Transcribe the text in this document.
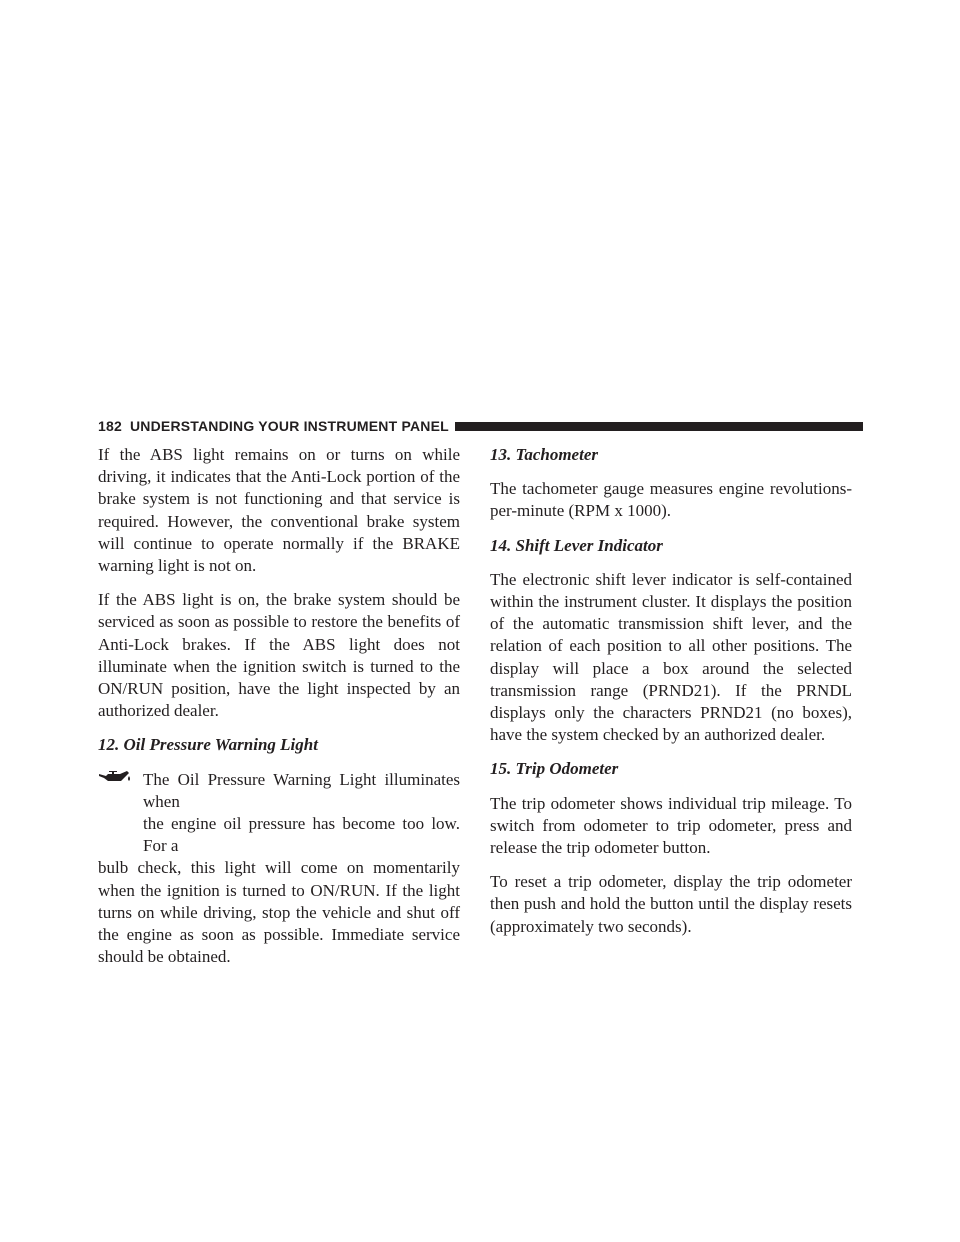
182 UNDERSTANDING YOUR INSTRUMENT PANEL

If the ABS light remains on or turns on while driving, it indicates that the Anti-Lock portion of the brake system is not functioning and that service is required. However, the conventional brake system will continue to operate normally if the BRAKE warning light is not on.

If the ABS light is on, the brake system should be serviced as soon as possible to restore the benefits of Anti-Lock brakes. If the ABS light does not illuminate when the ignition switch is turned to the ON/RUN position, have the light inspected by an authorized dealer.

12. Oil Pressure Warning Light

The Oil Pressure Warning Light illuminates when
the engine oil pressure has become too low. For a
bulb check, this light will come on momentarily when the ignition is turned to ON/RUN. If the light turns on while driving, stop the vehicle and shut off the engine as soon as possible. Immediate service should be obtained.

13. Tachometer

The tachometer gauge measures engine revolutions-per-minute (RPM x 1000).

14. Shift Lever Indicator

The electronic shift lever indicator is self-contained within the instrument cluster. It displays the position of the automatic transmission shift lever, and the relation of each position to all other positions. The display will place a box around the selected transmission range (PRND21). If the PRNDL displays only the characters PRND21 (no boxes), have the system checked by an authorized dealer.

15. Trip Odometer

The trip odometer shows individual trip mileage. To switch from odometer to trip odometer, press and release the trip odometer button.

To reset a trip odometer, display the trip odometer then push and hold the button until the display resets (approximately two seconds).
